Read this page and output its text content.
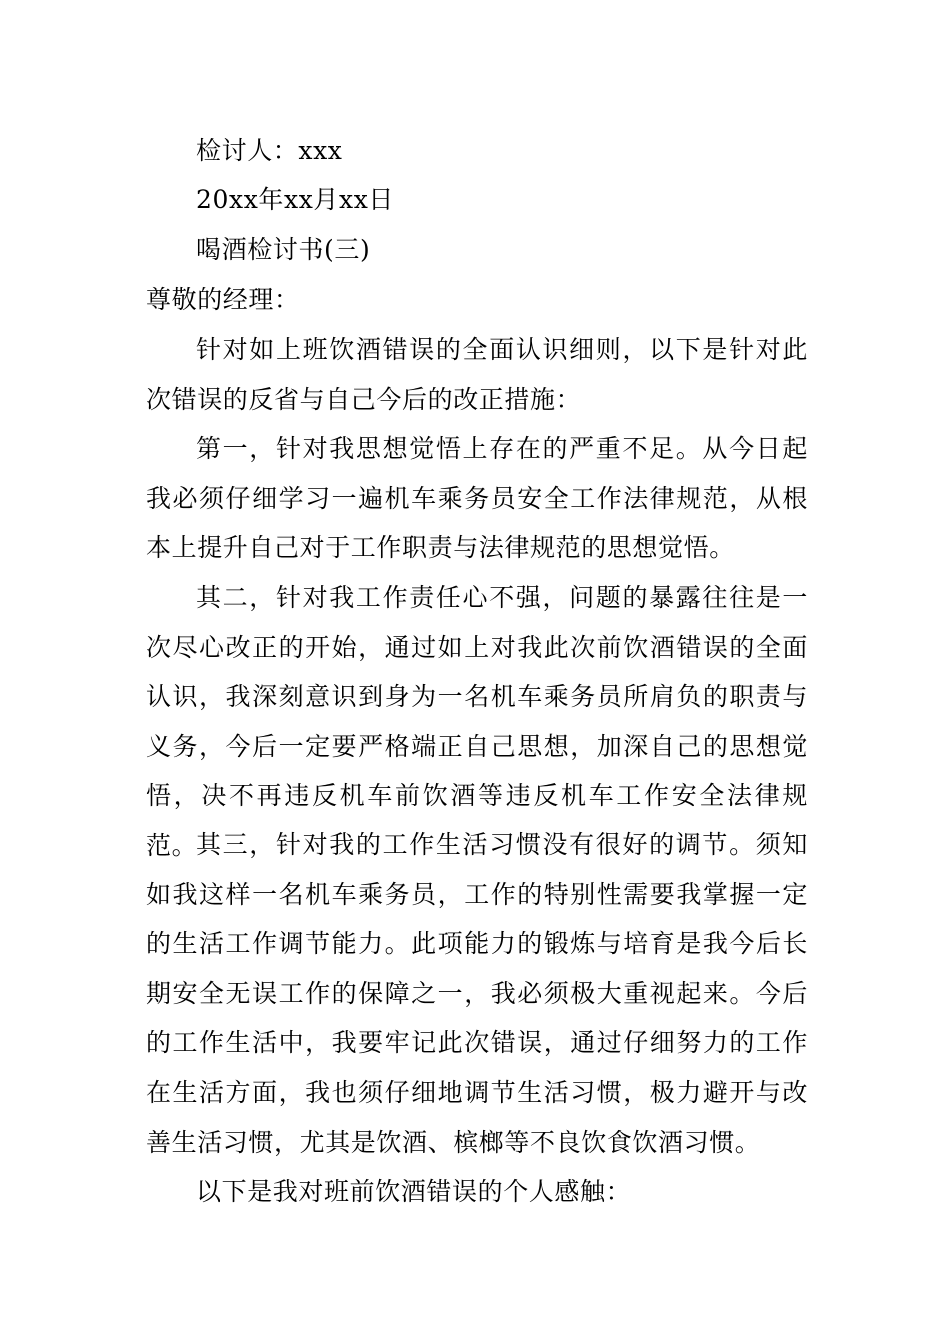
检讨人：xxx
20xx年xx月xx日
喝酒检讨书(三)
尊敬的经理：

针对如上班饮酒错误的全面认识细则，以下是针对此次错误的反省与自己今后的改正措施：

第一，针对我思想觉悟上存在的严重不足。从今日起我必须仔细学习一遍机车乘务员安全工作法律规范，从根本上提升自己对于工作职责与法律规范的思想觉悟。

其二，针对我工作责任心不强，问题的暴露往往是一次尽心改正的开始，通过如上对我此次前饮酒错误的全面认识，我深刻意识到身为一名机车乘务员所肩负的职责与义务，今后一定要严格端正自己思想，加深自己的思想觉悟，决不再违反机车前饮酒等违反机车工作安全法律规范。

其三，针对我的工作生活习惯没有很好的调节。须知如我这样一名机车乘务员，工作的特别性需要我掌握一定的生活工作调节能力。此项能力的锻炼与培育是我今后长期安全无误工作的保障之一，我必须极大重视起来。今后的工作生活中，我要牢记此次错误，通过仔细努力的工作在生活方面，我也须仔细地调节生活习惯，极力避开与改善生活习惯，尤其是饮酒、槟榔等不良饮食饮酒习惯。

以下是我对班前饮酒错误的个人感触：
